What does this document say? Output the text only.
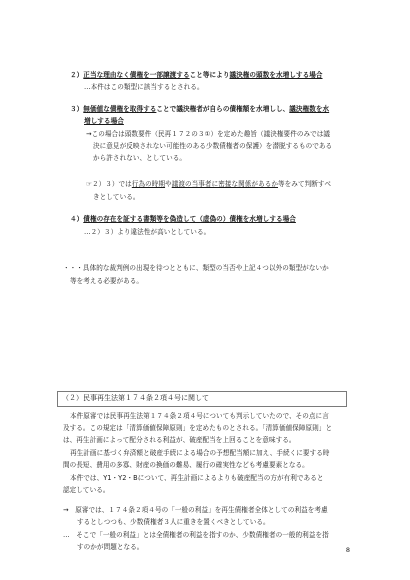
２）正当な理由なく債権を一部譲渡すること等により議決権の頭数を水増しする場合
…本件はこの類型に該当するとされる。
３）無価値な債権を取得することで議決権者が自らの債権額を水増しし、議決権数を水
増しする場合
→この場合は頭数要件（民再１７２の３①）を定めた趣旨（議決権要件のみでは議
決に意見が反映されない可能性のある少数債権者の保護）を潜脱するものである
から許されない、としている。
☞２）３）では行為の時期や議渡の当事者に密接な関係があるか等をみて判断すべ
きとしている。
４）債権の存在を証する書類等を偽造して（虚偽の）債権を水増しする場合
…２）３）より違法性が高いとしている。
・・・具体的な裁判例の出現を待つとともに、類型の当否や上記４つ以外の類型がないか
等を考える必要がある。
（２）民事再生法第１７４条２項４号に関して
本件原審では民事再生法第１７４条２項４号についても判示していたので、その点に言
及する。この規定は「清算価値保障原則」を定めたものとされる。「清算価値保障原則」と
は、再生計画によって配分される利益が、破産配当を上回ることを意味する。
再生計画に基づく弁済額と破産手続による場合の予想配当額に加え、手続くに要する時
間の長短、費用の多寡、財産の換価の難易、履行の確実性なども考慮要素となる。
本件では、Y1・Y2・Bについて、再生計画によるよりも破産配当の方が有利であると
認定している。
→　原審では、１７４条２項４号の「一般の利益」を再生債権者全体としての利益を考慮
するとしつつも、少数債権者３人に重きを置くべきとしている。
…　そこで「一般の利益」とは全債権者の利益を指すのか、少数債権者の一般的利益を指
すのかが問題となる。	8
